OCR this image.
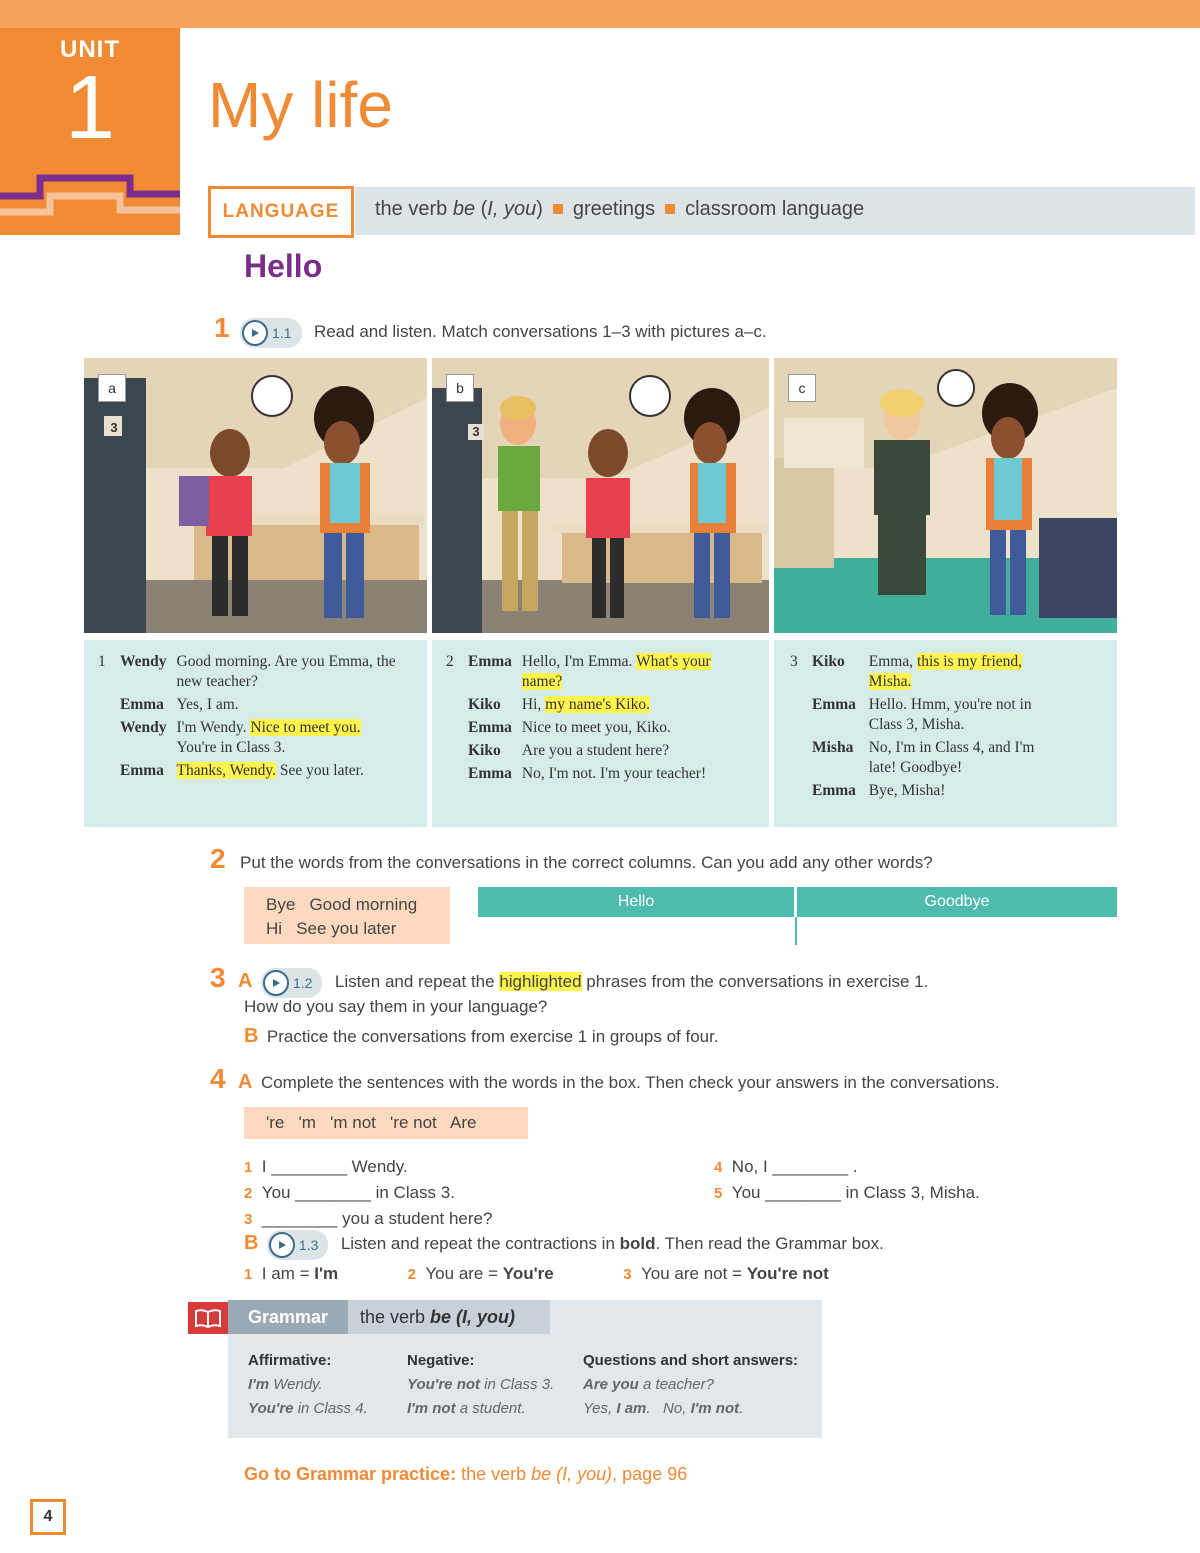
UNIT
1	My life
LANGUAGE	the verb be (I, you) greetings classroom language
Hello
1	1.1 Read and listen. Match conversations 1–3 with pictures a–c.
a
3
b
3
c
1	Wendy	Good morning. Are you Emma, the new teacher?
	Emma	Yes, I am.
	Wendy	I'm Wendy. Nice to meet you. You're in Class 3.
	Emma	Thanks, Wendy. See you later.
2	Emma	Hello, I'm Emma. What's your name?
	Kiko	Hi, my name's Kiko.
	Emma	Nice to meet you, Kiko.
	Kiko	Are you a student here?
	Emma	No, I'm not. I'm your teacher!
3	Kiko	Emma, this is my friend, Misha.
	Emma	Hello. Hmm, you're not in Class 3, Misha.
	Misha	No, I'm in Class 4, and I'm late! Goodbye!
	Emma	Bye, Misha!
2 Put the words from the conversations in the correct columns. Can you add any other words?
Bye   Good morning
Hi   See you later
Hello	Goodbye
3 A	1.2 Listen and repeat the highlighted phrases from the conversations in exercise 1.
How do you say them in your language?
B Practice the conversations from exercise 1 in groups of four.
4 A Complete the sentences with the words in the box. Then check your answers in the conversations.
're   'm   'm not   're not   Are
1 I ________ Wendy.
2 You ________ in Class 3.
3 ________ you a student here?
4 No, I ________ .
5 You ________ in Class 3, Misha.
B	1.3 Listen and repeat the contractions in bold. Then read the Grammar box.
1 I am = I'm	2 You are = You're	3 You are not = You're not
Grammar	the verb be (I, you)
Affirmative:
I'm Wendy.
You're in Class 4.
Negative:
You're not in Class 3.
I'm not a student.
Questions and short answers:
Are you a teacher?
Yes, I am.   No, I'm not.
Go to Grammar practice: the verb be (I, you), page 96
4
